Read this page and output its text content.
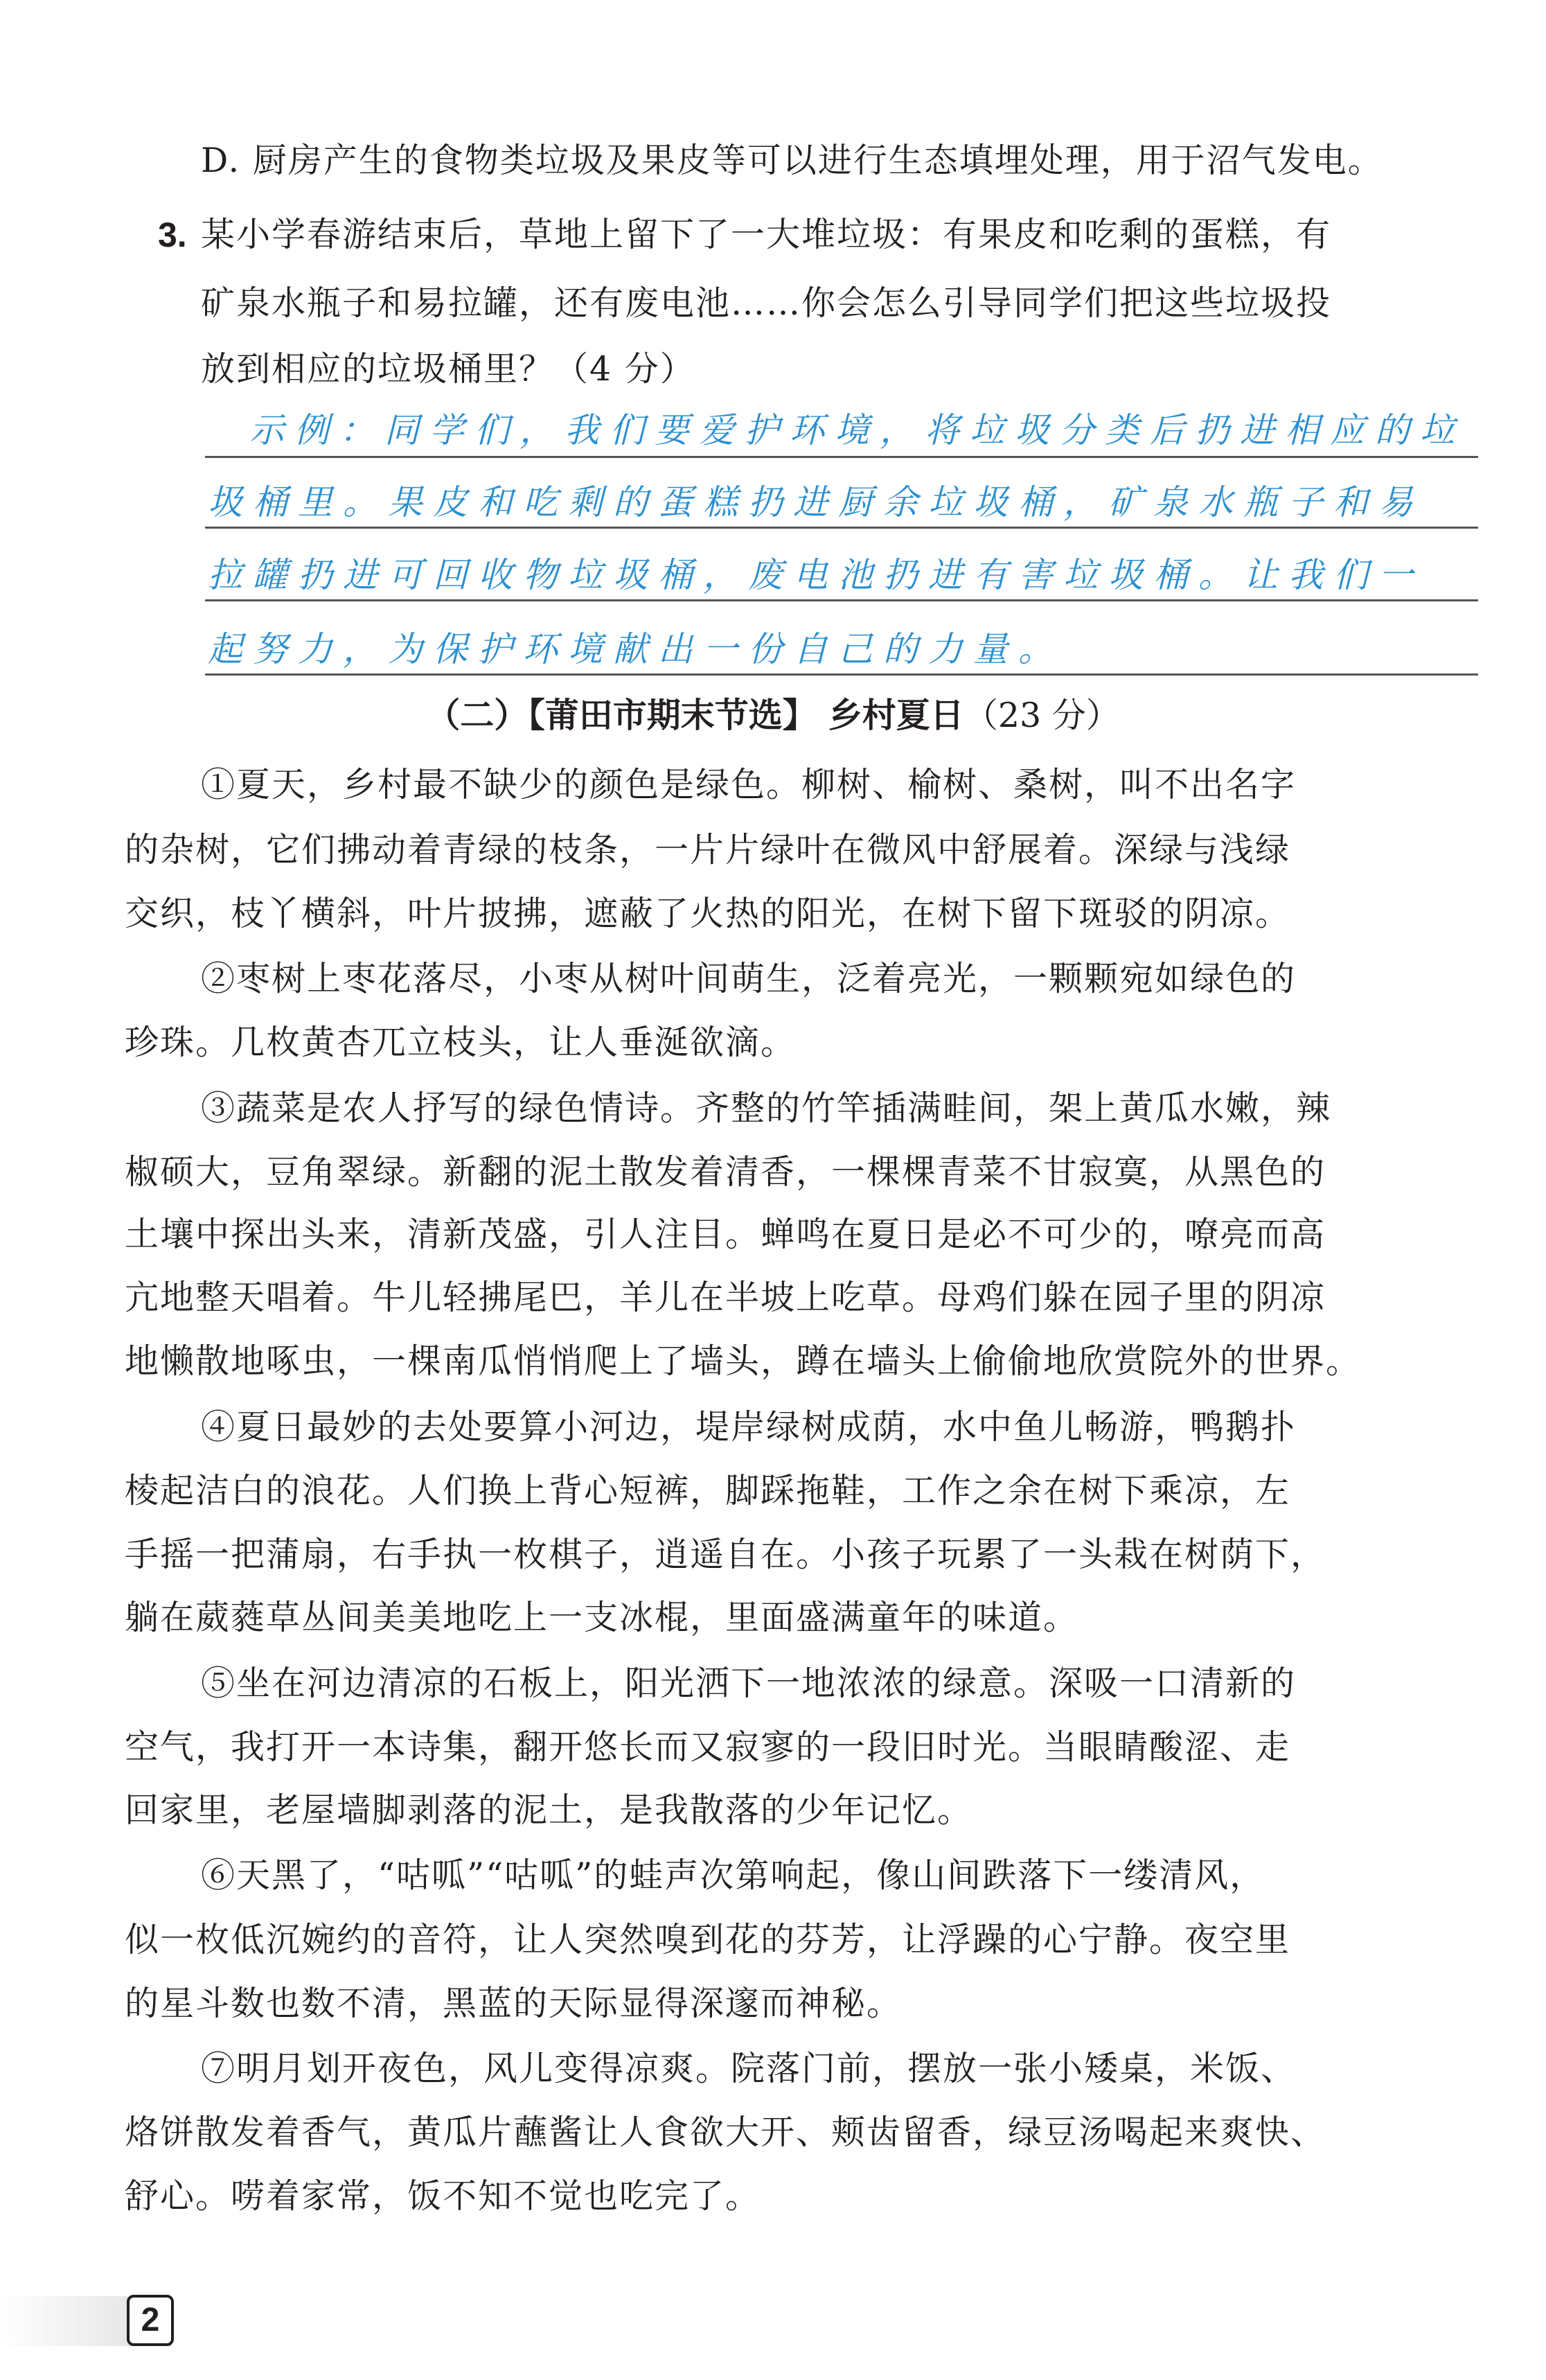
D. 厨房产生的食物类垃圾及果皮等可以进行生态填埋处理，用于沼气发电。
3. 某小学春游结束后，草地上留下了一大堆垃圾：有果皮和吃剩的蛋糕，有
矿泉水瓶子和易拉罐，还有废电池……你会怎么引导同学们把这些垃圾投
放到相应的垃圾桶里？（4 分）
示例：同学们，我们要爱护环境，将垃圾分类后扔进相应的垃
圾桶里。果皮和吃剩的蛋糕扔进厨余垃圾桶，矿泉水瓶子和易
拉罐扔进可回收物垃圾桶，废电池扔进有害垃圾桶。让我们一
起努力，为保护环境献出一份自己的力量。
（二）【莆田市期末节选】 乡村夏日（23 分）
①夏天，乡村最不缺少的颜色是绿色。柳树、榆树、桑树，叫不出名字
的杂树，它们拂动着青绿的枝条，一片片绿叶在微风中舒展着。深绿与浅绿
交织，枝丫横斜，叶片披拂，遮蔽了火热的阳光，在树下留下斑驳的阴凉。
②枣树上枣花落尽，小枣从树叶间萌生，泛着亮光，一颗颗宛如绿色的
珍珠。几枚黄杏兀立枝头，让人垂涎欲滴。
③蔬菜是农人抒写的绿色情诗。齐整的竹竿插满畦间，架上黄瓜水嫩，辣
椒硕大，豆角翠绿。新翻的泥土散发着清香，一棵棵青菜不甘寂寞，从黑色的
土壤中探出头来，清新茂盛，引人注目。蝉鸣在夏日是必不可少的，嘹亮而高
亢地整天唱着。牛儿轻拂尾巴，羊儿在半坡上吃草。母鸡们躲在园子里的阴凉
地懒散地啄虫，一棵南瓜悄悄爬上了墙头，蹲在墙头上偷偷地欣赏院外的世界。
④夏日最妙的去处要算小河边，堤岸绿树成荫，水中鱼儿畅游，鸭鹅扑
棱起洁白的浪花。人们换上背心短裤，脚踩拖鞋，工作之余在树下乘凉，左
手摇一把蒲扇，右手执一枚棋子，逍遥自在。小孩子玩累了一头栽在树荫下，
躺在葳蕤草丛间美美地吃上一支冰棍，里面盛满童年的味道。
⑤坐在河边清凉的石板上，阳光洒下一地浓浓的绿意。深吸一口清新的
空气，我打开一本诗集，翻开悠长而又寂寥的一段旧时光。当眼睛酸涩、走
回家里，老屋墙脚剥落的泥土，是我散落的少年记忆。
⑥天黑了，“咕呱”“咕呱”的蛙声次第响起，像山间跌落下一缕清风，
似一枚低沉婉约的音符，让人突然嗅到花的芬芳，让浮躁的心宁静。夜空里
的星斗数也数不清，黑蓝的天际显得深邃而神秘。
⑦明月划开夜色，风儿变得凉爽。院落门前，摆放一张小矮桌，米饭、
烙饼散发着香气，黄瓜片蘸酱让人食欲大开、颊齿留香，绿豆汤喝起来爽快、
舒心。唠着家常，饭不知不觉也吃完了。
2
